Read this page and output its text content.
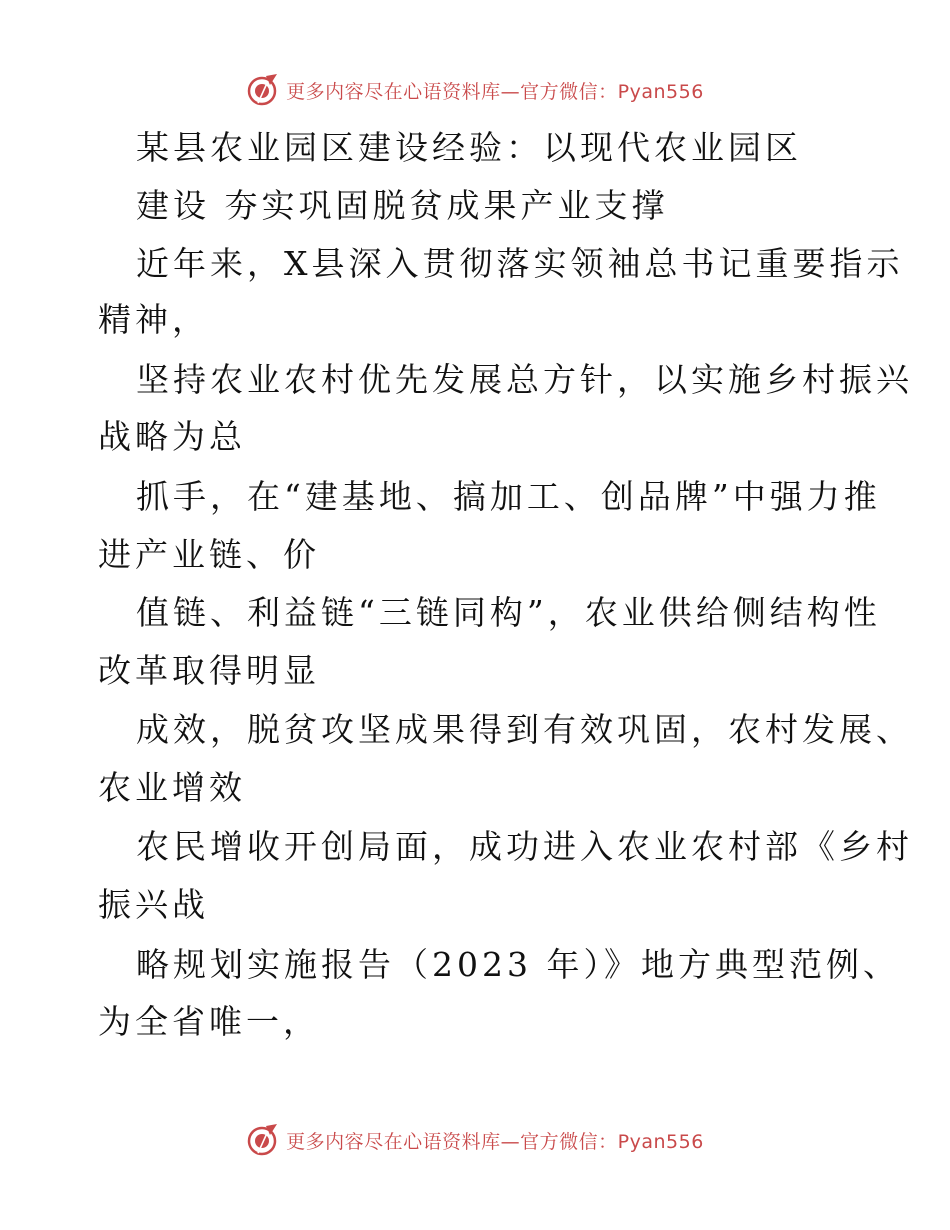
更多内容尽在心语资料库—官方微信：Pyan556
某县农业园区建设经验：以现代农业园区
建设 夯实巩固脱贫成果产业支撑
近年来，X县深入贯彻落实领袖总书记重要指示
精神，
坚持农业农村优先发展总方针，以实施乡村振兴
战略为总
抓手，在“建基地、搞加工、创品牌”中强力推
进产业链、价
值链、利益链“三链同构”，农业供给侧结构性
改革取得明显
成效，脱贫攻坚成果得到有效巩固，农村发展、
农业增效
农民增收开创局面，成功进入农业农村部《乡村
振兴战
略规划实施报告（2023 年）》地方典型范例、
为全省唯一，
更多内容尽在心语资料库—官方微信：Pyan556
